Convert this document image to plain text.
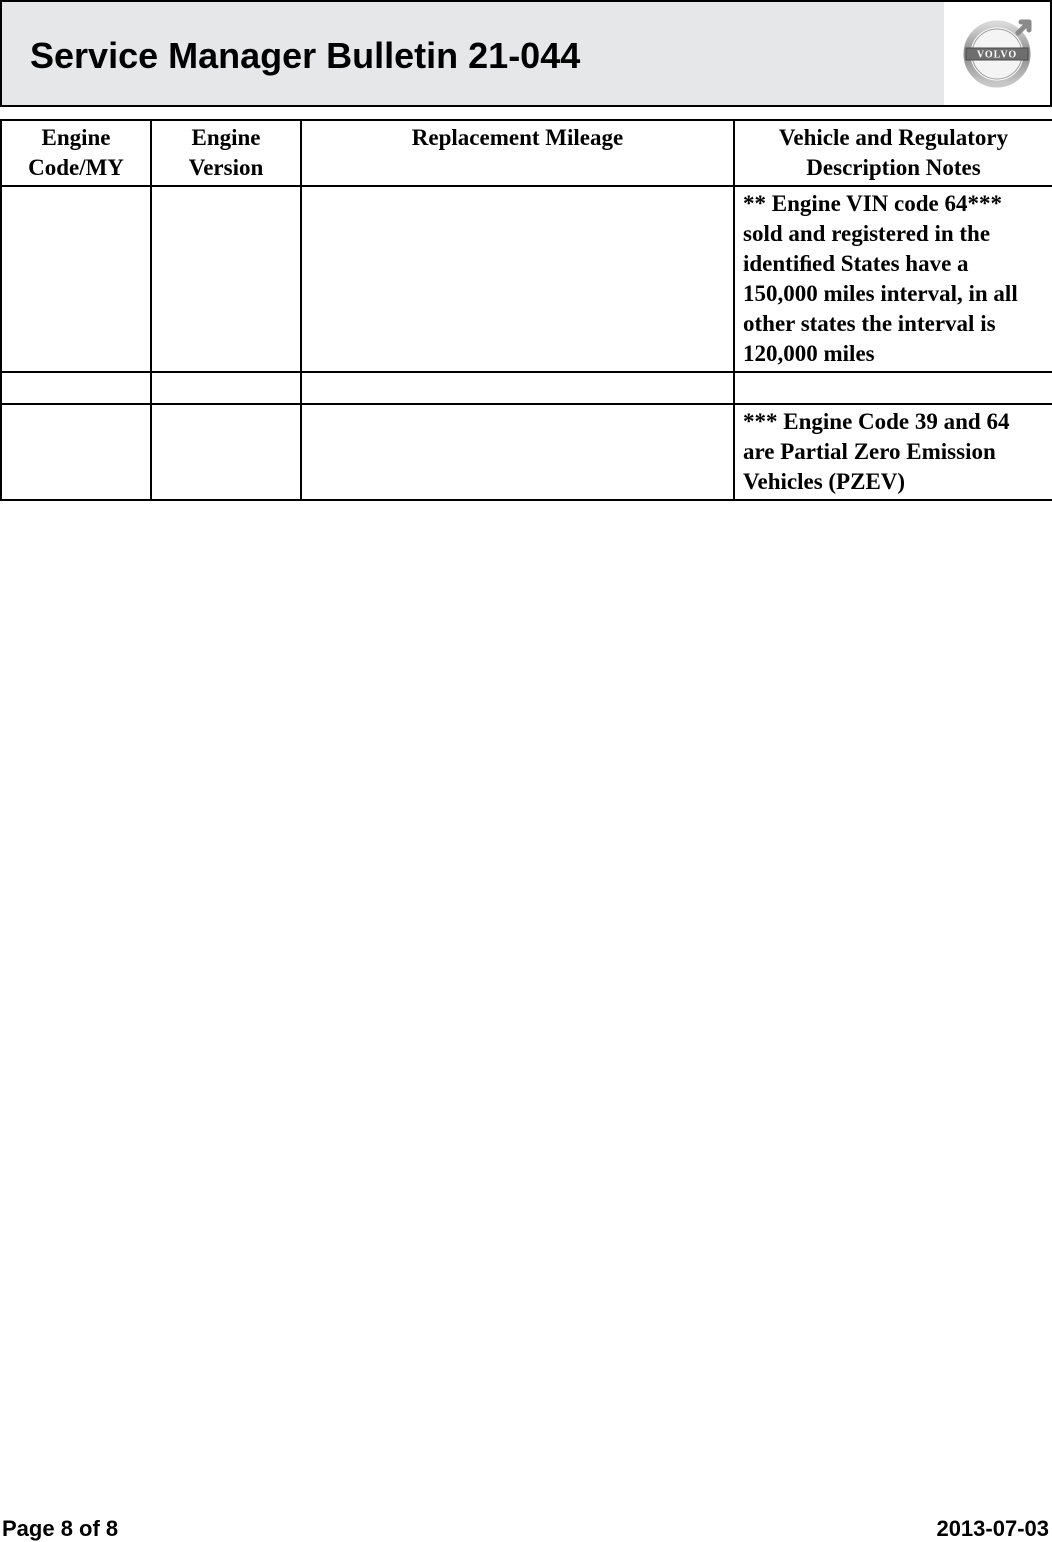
Service Manager Bulletin 21-044	VOLVO
Engine Code/MY	Engine Version	Replacement Mileage	Vehicle and Regulatory Description Notes
			** Engine VIN code 64*** sold and registered in the identiﬁed States have a 150,000 miles interval, in all other states the interval is 120,000 miles

			*** Engine Code 39 and 64 are Partial Zero Emission Vehicles (PZEV)
Page 8 of 8	2013-07-03
